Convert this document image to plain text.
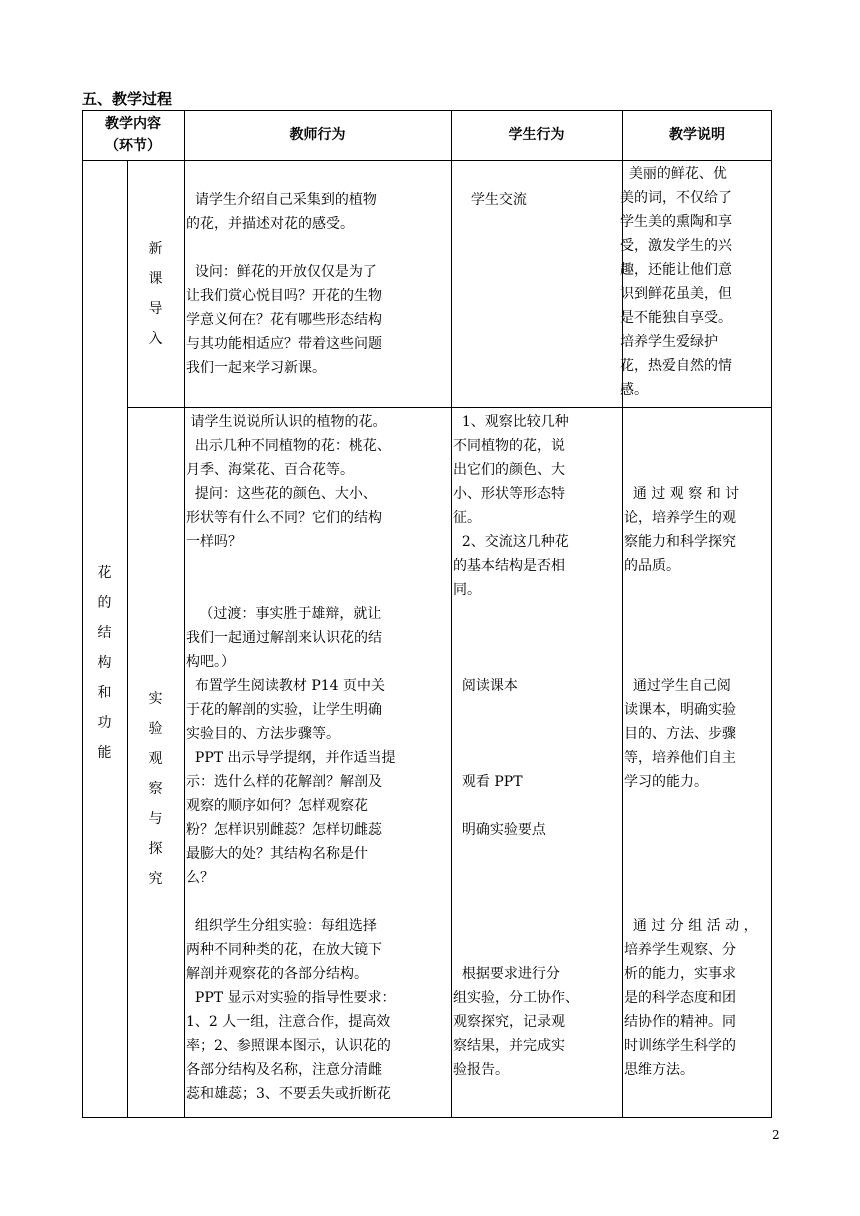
五、教学过程
教学内容
（环节）
教师行为	学生行为	教学说明
花的结构和功能
新课导入
请学生介绍自己采集到的植物
的花，并描述对花的感受。

设问：鲜花的开放仅仅是为了
让我们赏心悦目吗？开花的生物
学意义何在？花有哪些形态结构
与其功能相适应？带着这些问题
我们一起来学习新课。
学生交流
美丽的鲜花、优
美的词，不仅给了
学生美的熏陶和享
受，激发学生的兴
趣，还能让他们意
识到鲜花虽美，但
是不能独自享受。
培养学生爱绿护
花，热爱自然的情
感。
实验观察与探究
请学生说说所认识的植物的花。
出示几种不同植物的花：桃花、
月季、海棠花、百合花等。
提问：这些花的颜色、大小、
形状等有什么不同？它们的结构
一样吗？

（过渡：事实胜于雄辩，就让
我们一起通过解剖来认识花的结
构吧。）
布置学生阅读教材 P14 页中关
于花的解剖的实验，让学生明确
实验目的、方法步骤等。
PPT 出示导学提纲，并作适当提
示：选什么样的花解剖？解剖及
观察的顺序如何？怎样观察花
粉？怎样识别雌蕊？怎样切雌蕊
最膨大的处？其结构名称是什
么？

组织学生分组实验：每组选择
两种不同种类的花，在放大镜下
解剖并观察花的各部分结构。
PPT 显示对实验的指导性要求：
1、2 人一组，注意合作，提高效
率；2、参照课本图示，认识花的
各部分结构及名称，注意分清雌
蕊和雄蕊；3、不要丢失或折断花
1、观察比较几种
不同植物的花，说
出它们的颜色、大
小、形状等形态特
征。
2、交流这几种花
的基本结构是否相
同。

阅读课本

观看 PPT

明确实验要点

根据要求进行分
组实验，分工协作、
观察探究，记录观
察结果，并完成实
验报告。

通 过 观 察 和 讨
论，培养学生的观
察能力和科学探究
的品质。

通过学生自己阅
读课本，明确实验
目的、方法、步骤
等，培养他们自主
学习的能力。

通 过 分 组 活 动 ，
培养学生观察、分
析的能力，实事求
是的科学态度和团
结协作的精神。同
时训练学生科学的
思维方法。
2
